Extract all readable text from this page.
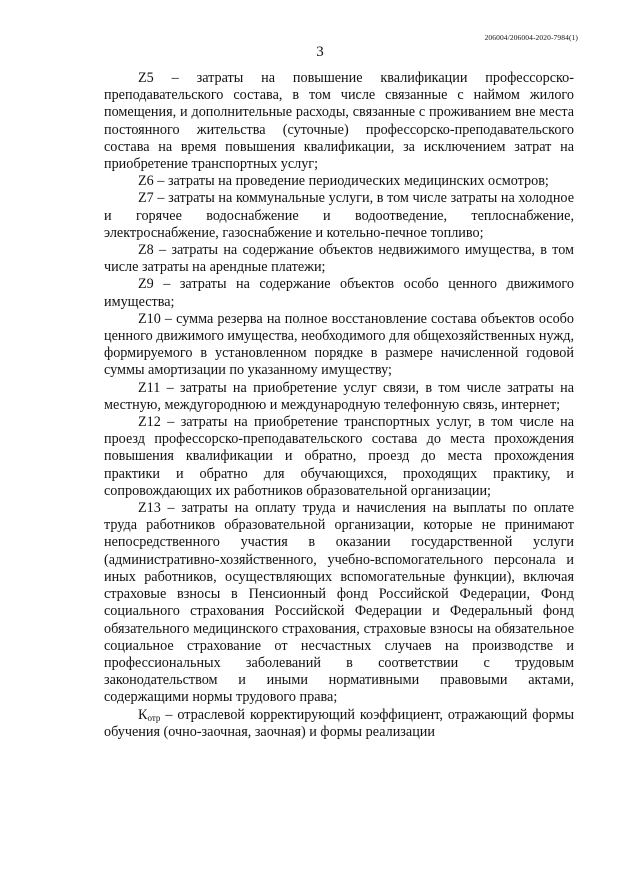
206004/206004-2020-7984(1)
3

Z5 – затраты на повышение квалификации профессорско-преподавательского состава, в том числе связанные с наймом жилого помещения, и дополнительные расходы, связанные с проживанием вне места постоянного жительства (суточные) профессорско-преподавательского состава на время повышения квалификации, за исключением затрат на приобретение транспортных услуг;

Z6 – затраты на проведение периодических медицинских осмотров;

Z7 – затраты на коммунальные услуги, в том числе затраты на холодное и горячее водоснабжение и водоотведение, теплоснабжение, электроснабжение, газоснабжение и котельно-печное топливо;

Z8 – затраты на содержание объектов недвижимого имущества, в том числе затраты на арендные платежи;

Z9 – затраты на содержание объектов особо ценного движимого имущества;

Z10 – сумма резерва на полное восстановление состава объектов особо ценного движимого имущества, необходимого для общехозяйственных нужд, формируемого в установленном порядке в размере начисленной годовой суммы амортизации по указанному имуществу;

Z11 – затраты на приобретение услуг связи, в том числе затраты на местную, междугороднюю и международную телефонную связь, интернет;

Z12 – затраты на приобретение транспортных услуг, в том числе на проезд профессорско-преподавательского состава до места прохождения повышения квалификации и обратно, проезд до места прохождения практики и обратно для обучающихся, проходящих практику, и сопровождающих их работников образовательной организации;

Z13 – затраты на оплату труда и начисления на выплаты по оплате труда работников образовательной организации, которые не принимают непосредственного участия в оказании государственной услуги (административно-хозяйственного, учебно-вспомогательного персонала и иных работников, осуществляющих вспомогательные функции), включая страховые взносы в Пенсионный фонд Российской Федерации, Фонд социального страхования Российской Федерации и Федеральный фонд обязательного медицинского страхования, страховые взносы на обязательное социальное страхование от несчастных случаев на производстве и профессиональных заболеваний в соответствии с трудовым законодательством и иными нормативными правовыми актами, содержащими нормы трудового права;

$К_{отр}$ – отраслевой корректирующий коэффициент, отражающий формы обучения (очно-заочная, заочная) и формы реализации
